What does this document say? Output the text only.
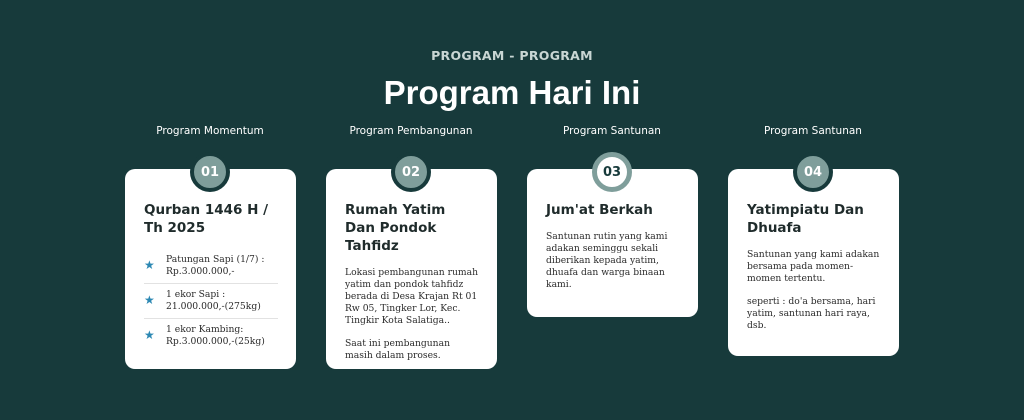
PROGRAM - PROGRAM
Program Hari Ini
Program Momentum
Qurban 1446 H / Th 2025
★	Patungan Sapi (1/7) : Rp.3.000.000,-
★	1 ekor Sapi : 21.000.000,-(275kg)
★	1 ekor Kambing: Rp.3.000.000,-(25kg)
01
Program Pembangunan
Rumah Yatim Dan Pondok Tahfidz

Lokasi pembangunan rumah yatim dan pondok tahfidz berada di Desa Krajan Rt 01 Rw 05, Tingker Lor, Kec. Tingkir Kota Salatiga..

Saat ini pembangunan masih dalam proses.

02
Program Santunan
Jum'at Berkah

Santunan rutin yang kami adakan seminggu sekali diberikan kepada yatim, dhuafa dan warga binaan kami.

03
Program Santunan
Yatimpiatu Dan Dhuafa

Santunan yang kami adakan bersama pada momen-momen tertentu.

seperti : do'a bersama, hari yatim, santunan hari raya, dsb.

04
